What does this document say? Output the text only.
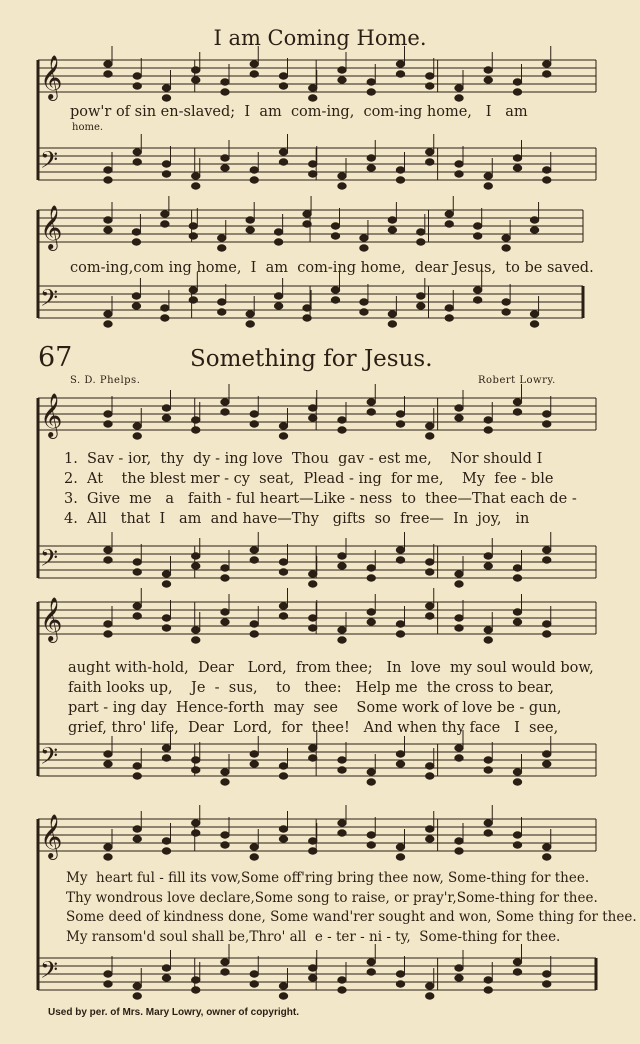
𝄞
𝄢
𝄞
𝄢
𝄞
𝄢
𝄞
𝄢
𝄞
𝄢
I am Coming Home.
pow'r of sin en-slaved;  I  am  com-ing,  com-ing home,   I   am
home.
com-ing,com ing home,  I  am  com-ing home,  dear Jesus,  to be saved.
67	Something for Jesus.
S. D. Phelps.	Robert Lowry.
1.  Sav - ior,  thy  dy - ing love  Thou  gav - est me,    Nor should I
2.  At    the blest mer - cy  seat,  Plead - ing  for me,    My  fee - ble
3.  Give  me   a   faith - ful heart—Like - ness  to  thee—That each de -
4.  All   that  I   am  and have—Thy   gifts  so  free—  In  joy,   in
aught with-hold,  Dear   Lord,  from thee;   In  love  my soul would bow,
faith looks up,    Je  -  sus,    to   thee:   Help me  the cross to bear,
part - ing day  Hence-forth  may  see    Some work of love be - gun,
grief, thro' life,  Dear  Lord,  for  thee!   And when thy face   I  see,
My  heart ful - fill its vow,Some off'ring bring thee now, Some-thing for thee.
Thy wondrous love declare,Some song to raise, or pray'r,Some-thing for thee.
Some deed of kindness done, Some wand'rer sought and won, Some thing for thee.
My ransom'd soul shall be,Thro' all  e - ter - ni - ty,  Some-thing for thee.
Used by per. of Mrs. Mary Lowry, owner of copyright.
